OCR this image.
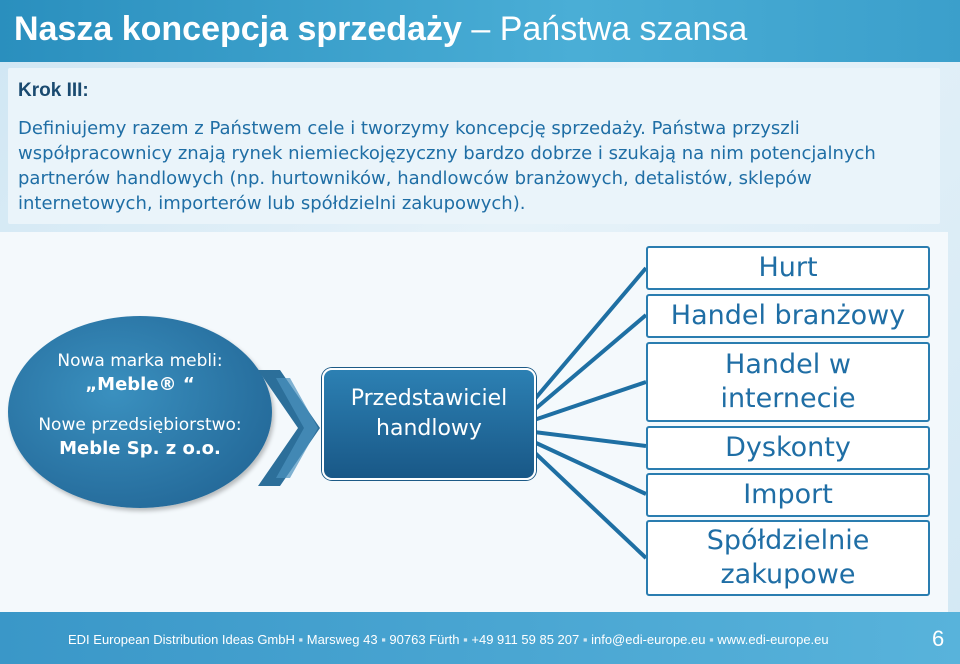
Nasza koncepcja sprzedaży – Państwa szansa
Krok III:
Definiujemy razem z Państwem cele i tworzymy koncepcję sprzedaży. Państwa przyszli współpracownicy znają rynek niemieckojęzyczny bardzo dobrze i szukają na nim potencjalnych partnerów handlowych (np. hurtowników, handlowców branżowych, detalistów, sklepów internetowych, importerów lub spółdzielni zakupowych).
Nowa marka mebli:
„Meble® “
Nowe przedsiębiorstwo:
Meble Sp. z o.o.
Przedstawiciel
handlowy
Hurt
Handel branżowy
Handel w internecie
Dyskonty
Import
Spółdzielnie zakupowe
EDI European Distribution Ideas GmbH ▪ Marsweg 43 ▪ 90763 Fürth ▪ +49 911 59 85 207 ▪ info@edi-europe.eu ▪ www.edi-europe.eu	6
